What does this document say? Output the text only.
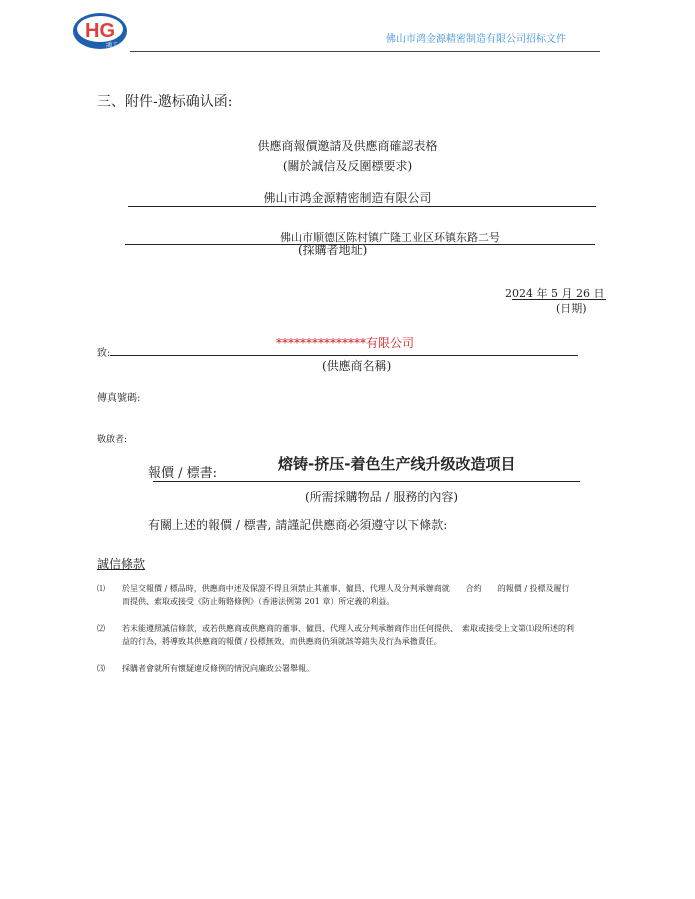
HG
鴻工
佛山市鸿金源精密制造有限公司招标文件
三、附件-邀标确认函:
供應商報價邀請及供應商確認表格
(關於誠信及反圍標要求)
佛山市鸿金源精密制造有限公司
佛山市顺德区陈村镇广隆工业区环镇东路二号
(採購者地址)
2024 年 5 月 26 日
(日期)
***************有限公司
致:
(供應商名稱)
傳真號碼:
敬啟者:
報價 / 標書:
熔铸-挤压-着色生产线升级改造项目
(所需採購物品 / 服務的內容)
有關上述的報價 / 標書, 請謹記供應商必須遵守以下條款:
誠信條款
⑴ 於呈交報價 / 標品時，供應商中述及保證不得且須禁止其董事、僱員、代理人及分判承辦商就　　合約　　的報價 / 投標及履行而提供、索取或接受《防止賄賂條例》（香港法例第 201 章）所定義的利益。
⑵ 若未能遵照誠信條款，或若供應商或供應商的董事、僱員、代理人或分判承辦商作出任何提供、　索取或接受上文第⑴段所述的利益的行為，將導致其供應商的報價 / 投標無效，而供應商仍須就該等錯失及行為承擔責任。
⑶ 採購者會就所有懷疑違反條例的情況向廉政公署舉報。
